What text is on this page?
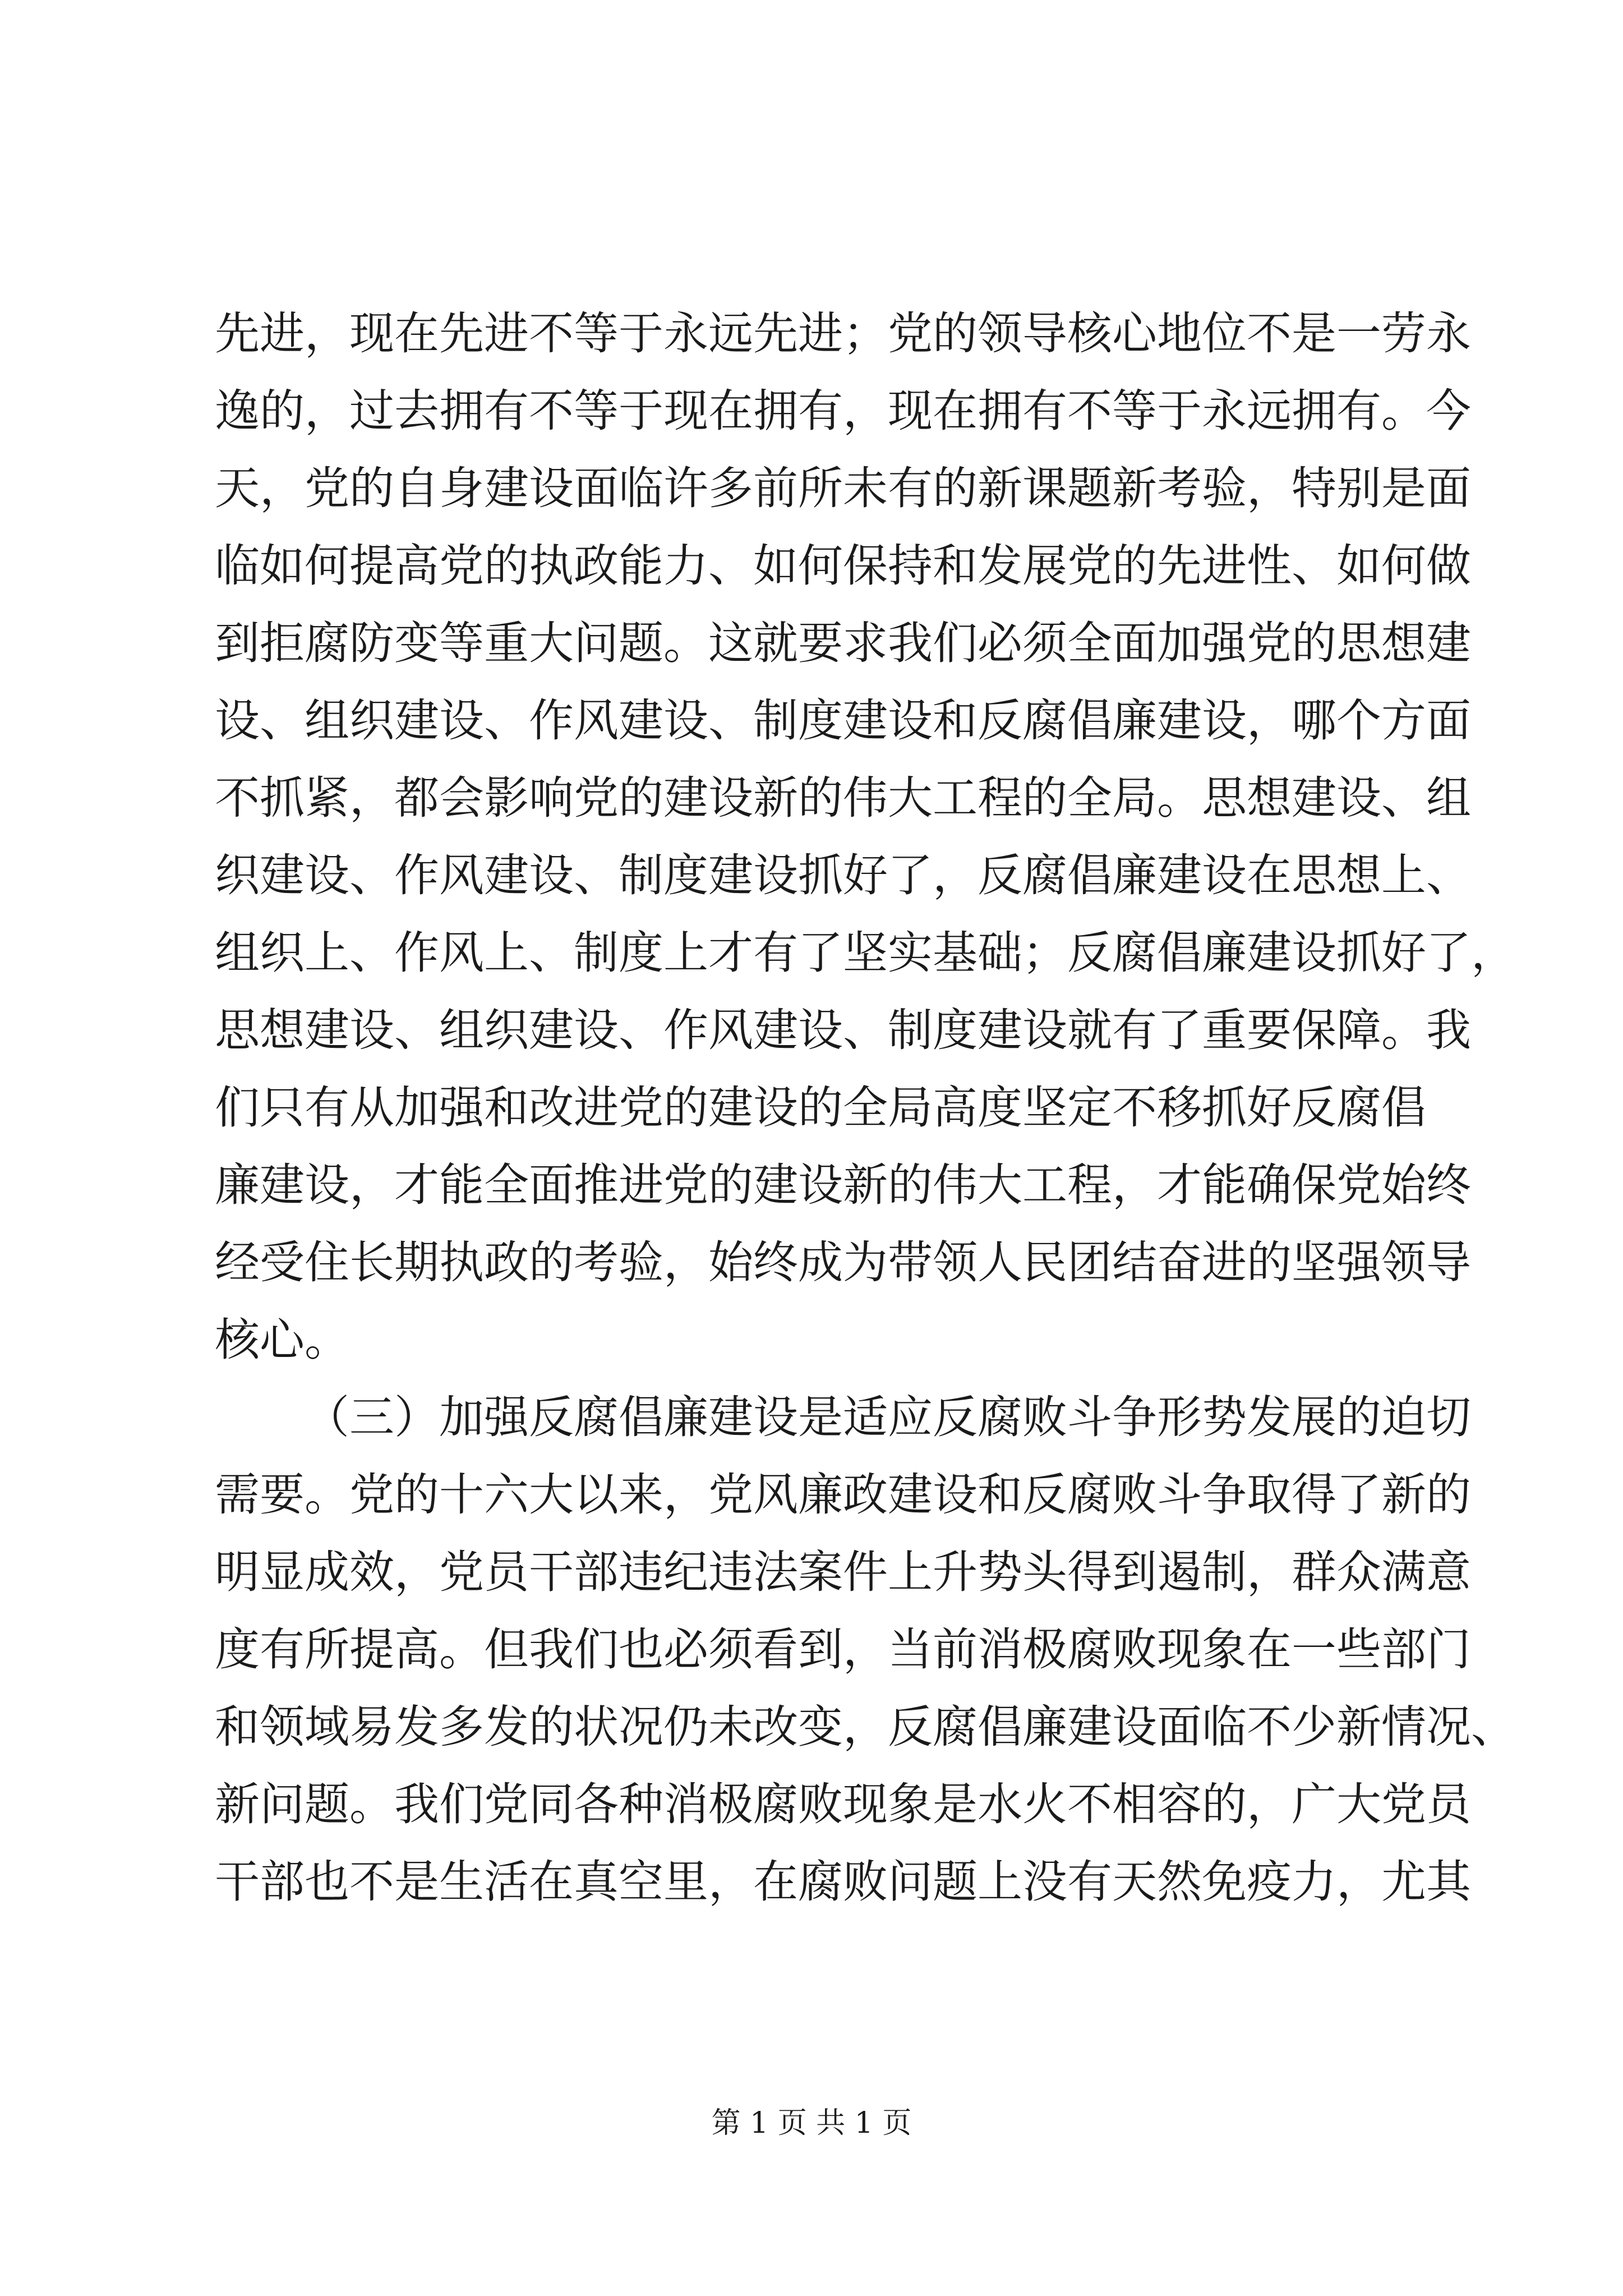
先进，现在先进不等于永远先进；党的领导核心地位不是一劳永
逸的，过去拥有不等于现在拥有，现在拥有不等于永远拥有。今
天，党的自身建设面临许多前所未有的新课题新考验，特别是面
临如何提高党的执政能力、如何保持和发展党的先进性、如何做
到拒腐防变等重大问题。这就要求我们必须全面加强党的思想建
设、组织建设、作风建设、制度建设和反腐倡廉建设，哪个方面
不抓紧，都会影响党的建设新的伟大工程的全局。思想建设、组
织建设、作风建设、制度建设抓好了，反腐倡廉建设在思想上、
组织上、作风上、制度上才有了坚实基础；反腐倡廉建设抓好了，
思想建设、组织建设、作风建设、制度建设就有了重要保障。我
们只有从加强和改进党的建设的全局高度坚定不移抓好反腐倡
廉建设，才能全面推进党的建设新的伟大工程，才能确保党始终
经受住长期执政的考验，始终成为带领人民团结奋进的坚强领导
核心。
（三）加强反腐倡廉建设是适应反腐败斗争形势发展的迫切
需要。党的十六大以来，党风廉政建设和反腐败斗争取得了新的
明显成效，党员干部违纪违法案件上升势头得到遏制，群众满意
度有所提高。但我们也必须看到，当前消极腐败现象在一些部门
和领域易发多发的状况仍未改变，反腐倡廉建设面临不少新情况、
新问题。我们党同各种消极腐败现象是水火不相容的，广大党员
干部也不是生活在真空里，在腐败问题上没有天然免疫力，尤其
第 1 页 共 1 页
